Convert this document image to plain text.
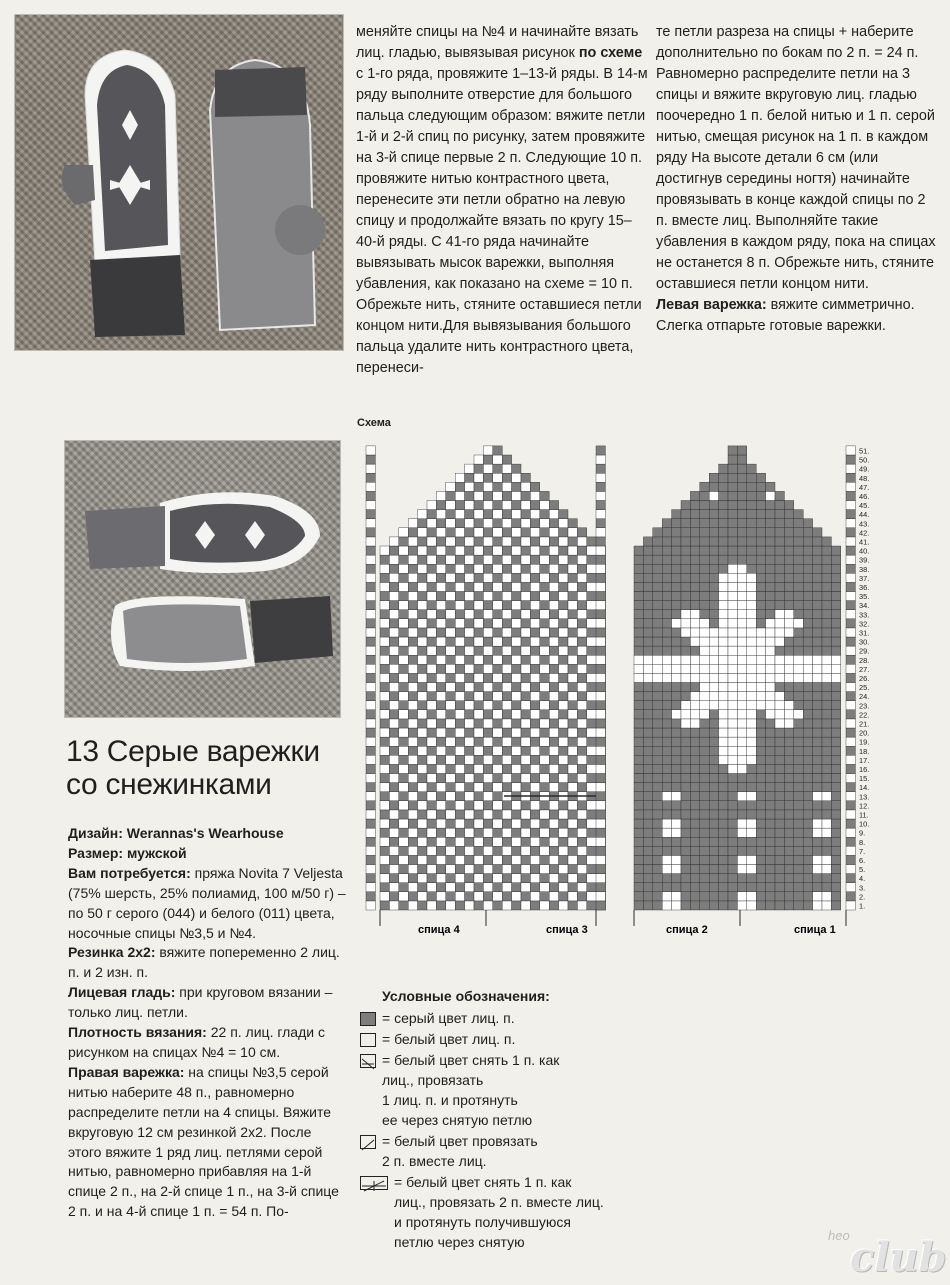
меняйте спицы на №4 и начинайте вязать лиц. гладью, вывязывая рисунок по схеме с 1-го ряда, провяжите 1–13-й ряды. В 14-м ряду выполните отверстие для большого пальца следующим образом: вяжите петли 1-й и 2-й спиц по рисунку, затем провяжите на 3-й спице первые 2 п. Следующие 10 п. провяжите нитью контрастного цвета, перенесите эти петли обратно на левую спицу и продолжайте вязать по кругу 15–40-й ряды. С 41-го ряда начинайте вывязывать мысок варежки, выполняя убавления, как показано на схеме = 10 п. Обрежьте нить, стяните оставшиеся петли концом нити.Для вывязывания большого пальца удалите нить контрастного цвета, перенеси-

те петли разреза на спицы + наберите дополнительно по бокам по 2 п. = 24 п. Равномерно распределите петли на 3 спицы и вяжите вкруговую лиц. гладью поочередно 1 п. белой нитью и 1 п. серой нитью, смещая рисунок на 1 п. в каждом ряду На высоте детали 6 см (или достигнув середины ногтя) начинайте провязывать в конце каждой спицы по 2 п. вместе лиц. Выполняйте такие убавления в каждом ряду, пока на спицах не останется 8 п. Обрежьте нить, стяните оставшиеся петли концом нити.

Левая варежка: вяжите симметрично.

Слегка отпарьте готовые варежки.

13 Серые варежки
со снежинками

Дизайн: Werannas's Wearhouse

Размер: мужской

Вам потребуется: пряжа Novita 7 Veljesta (75% шерсть, 25% полиамид, 100 м/50 г) – по 50 г серого (044) и белого (011) цвета, носочные спицы №3,5 и №4.

Резинка 2х2: вяжите попеременно 2 лиц. п. и 2 изн. п.

Лицевая гладь: при круговом вязании – только лиц. петли.

Плотность вязания: 22 п. лиц. глади с рисунком на спицах №4 = 10 см.

Правая варежка: на спицы №3,5 серой нитью наберите 48 п., равномерно распределите петли на 4 спицы. Вяжите вкруговую 12 см резинкой 2х2. После этого вяжите 1 ряд лиц. петлями серой нитью, равномерно прибавляя на 1-й спице 2 п., на 2-й спице 1 п., на 3-й спице 2 п. и на 4-й спице 1 п. = 54 п. По-

Схема
1.
2.
3.
4.
5.
6.
7.
8.
9.
10.
11.
12.
13.
14.
15.
16.
17.
18.
19.
20.
21.
22.
23.
24.
25.
26.
27.
28.
29.
30.
31.
32.
33.
34.
35.
36.
37.
38.
39.
40.
41.
42.
43.
44.
45.
46.
47.
48.
49.
50.
51.
спица 4	спица 3	спица 2	спица 1
Условные обозначения:
= серый цвет лиц. п.
= белый цвет лиц. п.
= белый цвет снять 1 п. как
лиц., провязать
1 лиц. п. и протянуть
ее через снятую петлю
= белый цвет провязать
2 п. вместе лиц.
= белый цвет снять 1 п. как
лиц., провязать 2 п. вместе лиц.
и протянуть получившуюся
петлю через снятую	heo club
